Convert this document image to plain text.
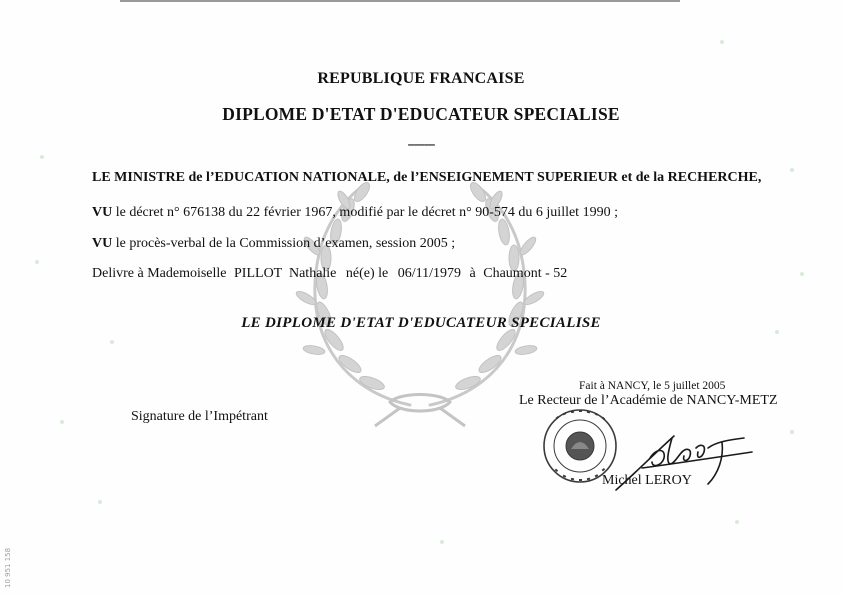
REPUBLIQUE FRANCAISE
DIPLOME D'ETAT D'EDUCATEUR SPECIALISE
--------
LE MINISTRE de l’EDUCATION NATIONALE, de l’ENSEIGNEMENT SUPERIEUR et de la RECHERCHE,
VU le décret n° 676138 du 22 février 1967, modifié par le décret n° 90-574 du 6 juillet 1990 ;
VU le procès-verbal de la Commission d’examen, session 2005 ;
Delivre à Mademoiselle PILLOT  Nathalie né(e) le 06/11/1979 à Chaumont - 52
LE DIPLOME D'ETAT D'EDUCATEUR SPECIALISE
Fait à NANCY, le 5 juillet 2005
Le Recteur de l’Académie de NANCY-METZ
Signature de l’Impétrant
Michel LEROY
10 951 158
